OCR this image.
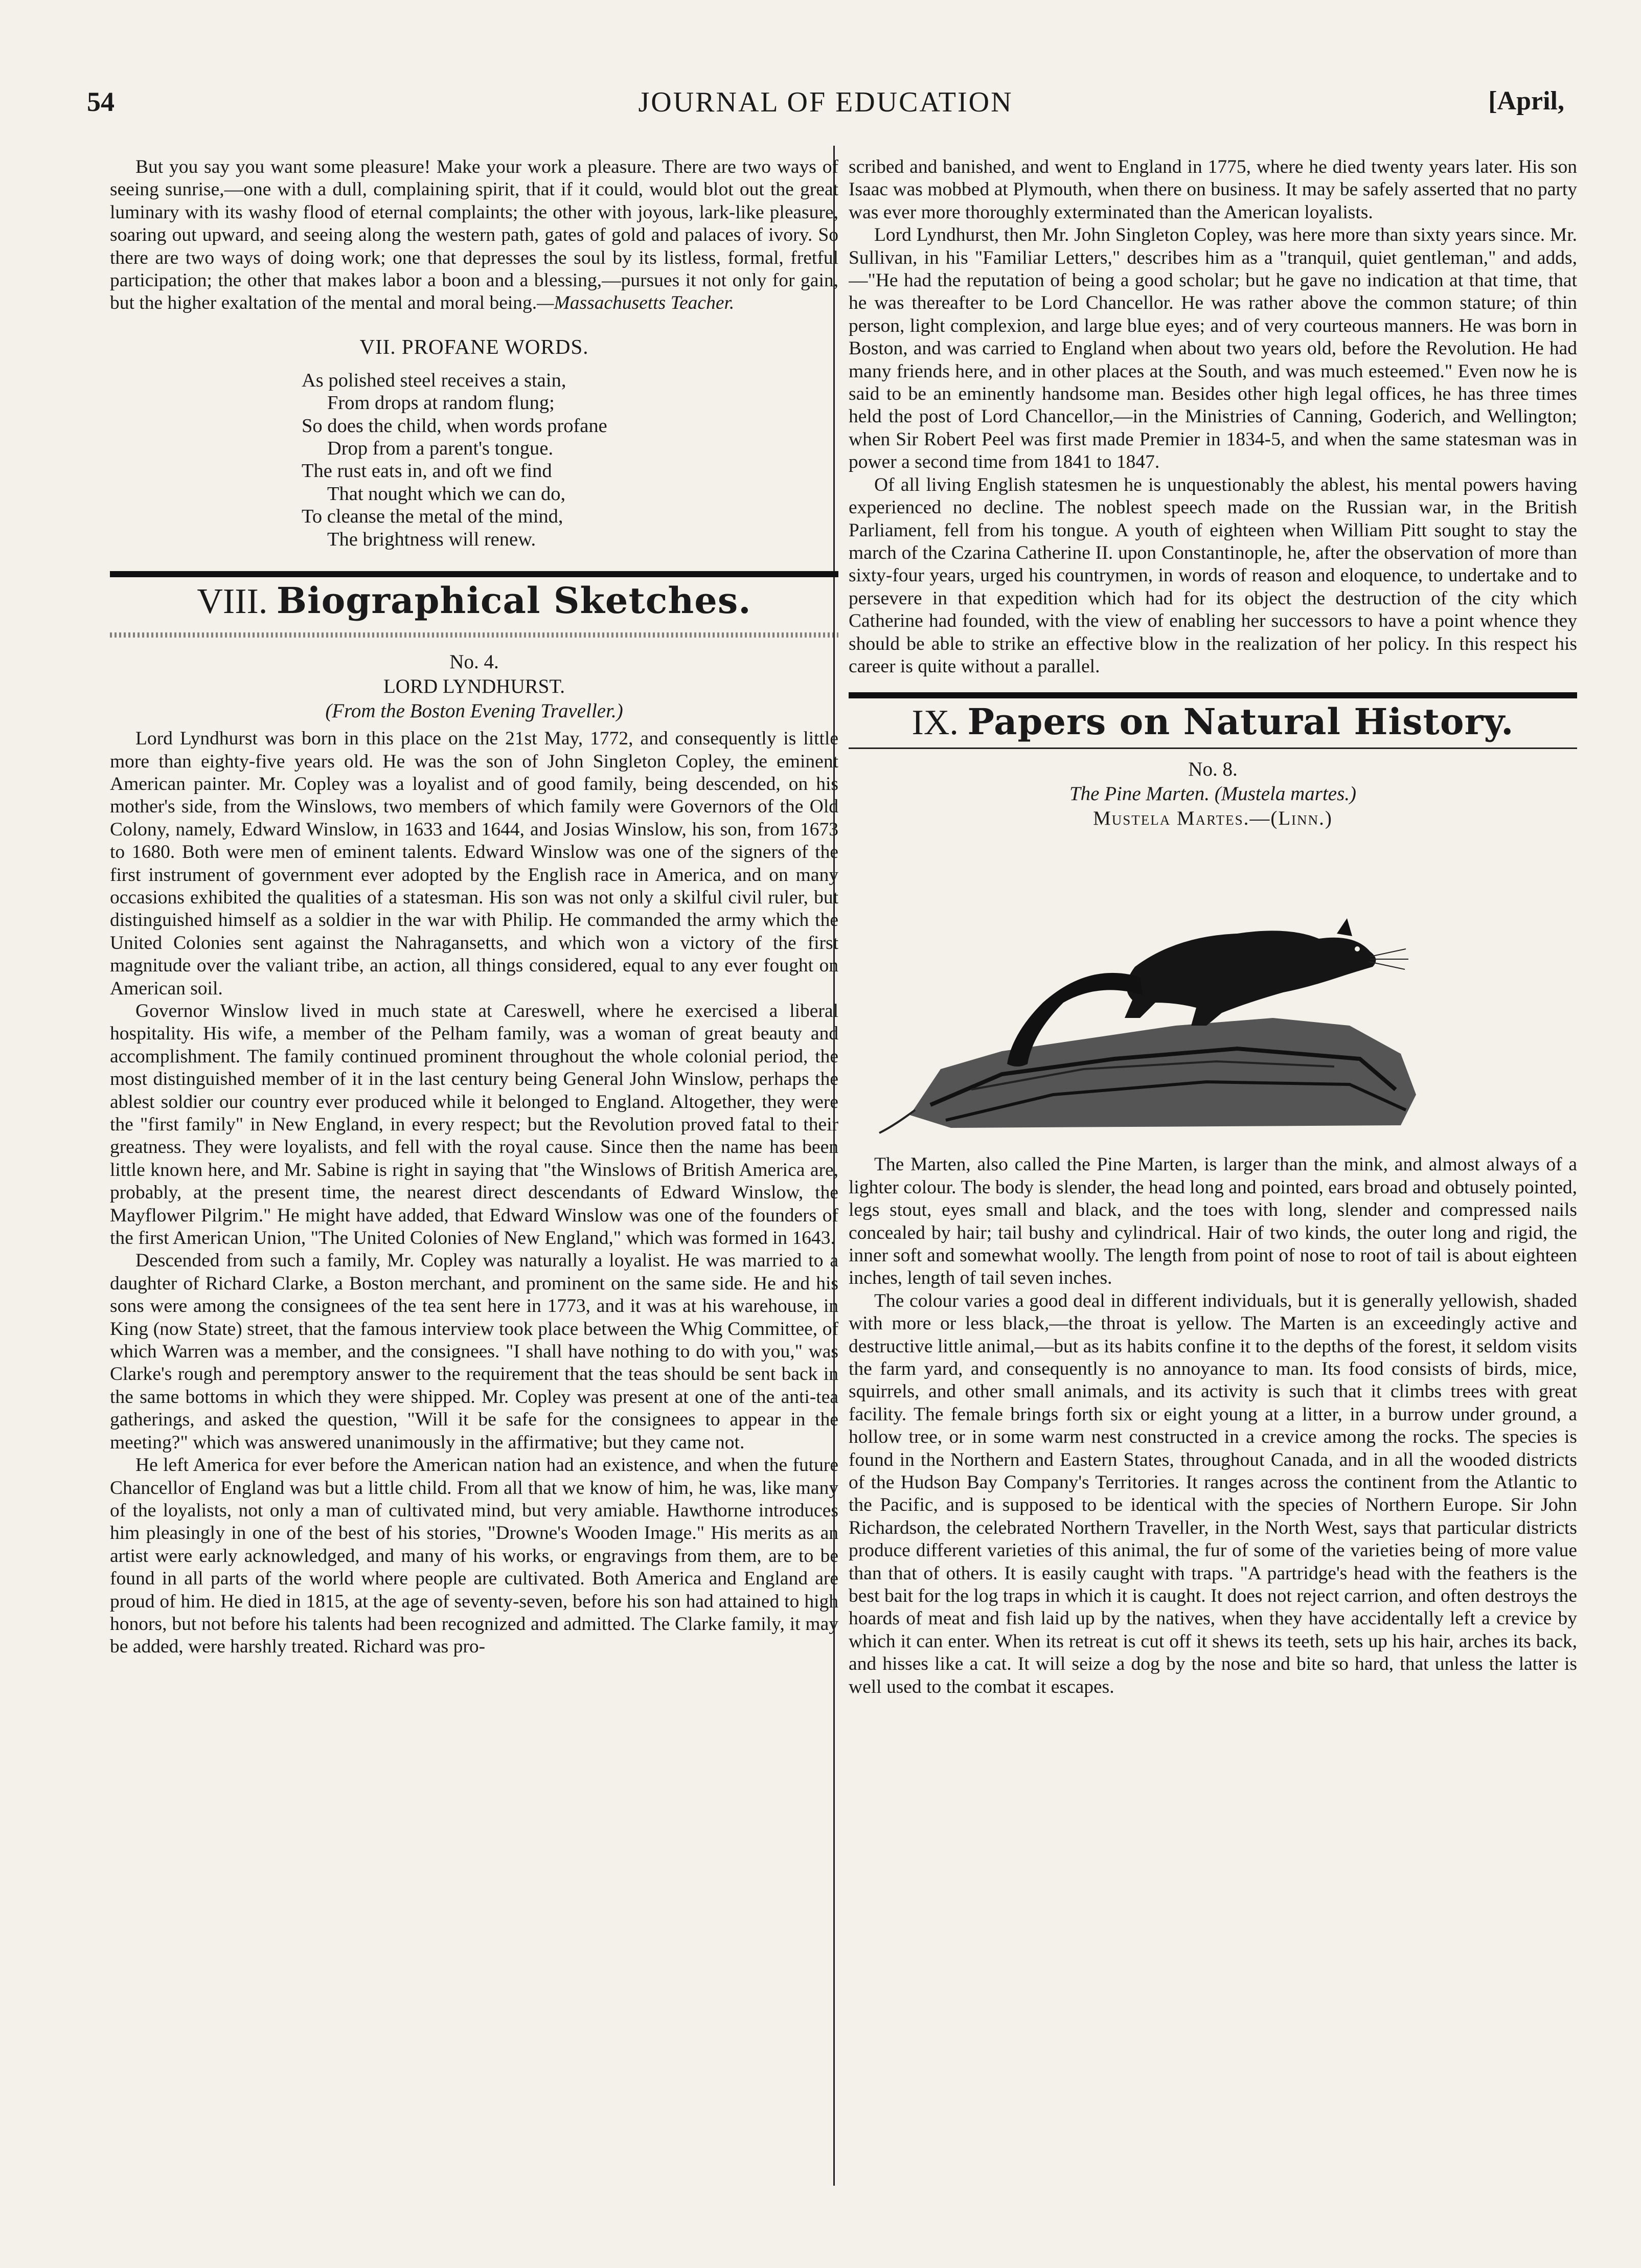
JOURNAL OF EDUCATION
54	[April,

But you say you want some pleasure! Make your work a pleasure. There are two ways of seeing sunrise,—one with a dull, complaining spirit, that if it could, would blot out the great luminary with its washy flood of eternal complaints; the other with joyous, lark-like pleasure, soaring out upward, and seeing along the western path, gates of gold and palaces of ivory. So there are two ways of doing work; one that depresses the soul by its listless, formal, fretful participation; the other that makes labor a boon and a blessing,—pursues it not only for gain, but the higher exaltation of the mental and moral being.—Massachusetts Teacher.

VII. PROFANE WORDS.
As polished steel receives a stain,
From drops at random flung;
So does the child, when words profane
Drop from a parent's tongue.
The rust eats in, and oft we find
That nought which we can do,
To cleanse the metal of the mind,
The brightness will renew.
VIII. Biographical Sketches.
No. 4.
LORD LYNDHURST.
(From the Boston Evening Traveller.)

Lord Lyndhurst was born in this place on the 21st May, 1772, and consequently is little more than eighty-five years old. He was the son of John Singleton Copley, the eminent American painter. Mr. Copley was a loyalist and of good family, being descended, on his mother's side, from the Winslows, two members of which family were Governors of the Old Colony, namely, Edward Winslow, in 1633 and 1644, and Josias Winslow, his son, from 1673 to 1680. Both were men of eminent talents. Edward Winslow was one of the signers of the first instrument of government ever adopted by the English race in America, and on many occasions exhibited the qualities of a statesman. His son was not only a skilful civil ruler, but distinguished himself as a soldier in the war with Philip. He commanded the army which the United Colonies sent against the Nahragansetts, and which won a victory of the first magnitude over the valiant tribe, an action, all things considered, equal to any ever fought on American soil.

Governor Winslow lived in much state at Careswell, where he exercised a liberal hospitality. His wife, a member of the Pelham family, was a woman of great beauty and accomplishment. The family continued prominent throughout the whole colonial period, the most distinguished member of it in the last century being General John Winslow, perhaps the ablest soldier our country ever produced while it belonged to England. Altogether, they were the "first family" in New England, in every respect; but the Revolution proved fatal to their greatness. They were loyalists, and fell with the royal cause. Since then the name has been little known here, and Mr. Sabine is right in saying that "the Winslows of British America are, probably, at the present time, the nearest direct descendants of Edward Winslow, the Mayflower Pilgrim." He might have added, that Edward Winslow was one of the founders of the first American Union, "The United Colonies of New England," which was formed in 1643.

Descended from such a family, Mr. Copley was naturally a loyalist. He was married to a daughter of Richard Clarke, a Boston merchant, and prominent on the same side. He and his sons were among the consignees of the tea sent here in 1773, and it was at his warehouse, in King (now State) street, that the famous interview took place between the Whig Committee, of which Warren was a member, and the consignees. "I shall have nothing to do with you," was Clarke's rough and peremptory answer to the requirement that the teas should be sent back in the same bottoms in which they were shipped. Mr. Copley was present at one of the anti-tea gatherings, and asked the question, "Will it be safe for the consignees to appear in the meeting?" which was answered unanimously in the affirmative; but they came not.

He left America for ever before the American nation had an existence, and when the future Chancellor of England was but a little child. From all that we know of him, he was, like many of the loyalists, not only a man of cultivated mind, but very amiable. Hawthorne introduces him pleasingly in one of the best of his stories, "Drowne's Wooden Image." His merits as an artist were early acknowledged, and many of his works, or engravings from them, are to be found in all parts of the world where people are cultivated. Both America and England are proud of him. He died in 1815, at the age of seventy-seven, before his son had attained to high honors, but not before his talents had been recognized and admitted. The Clarke family, it may be added, were harshly treated. Richard was pro-

scribed and banished, and went to England in 1775, where he died twenty years later. His son Isaac was mobbed at Plymouth, when there on business. It may be safely asserted that no party was ever more thoroughly exterminated than the American loyalists.

Lord Lyndhurst, then Mr. John Singleton Copley, was here more than sixty years since. Mr. Sullivan, in his "Familiar Letters," describes him as a "tranquil, quiet gentleman," and adds,—"He had the reputation of being a good scholar; but he gave no indication at that time, that he was thereafter to be Lord Chancellor. He was rather above the common stature; of thin person, light complexion, and large blue eyes; and of very courteous manners. He was born in Boston, and was carried to England when about two years old, before the Revolution. He had many friends here, and in other places at the South, and was much esteemed." Even now he is said to be an eminently handsome man. Besides other high legal offices, he has three times held the post of Lord Chancellor,—in the Ministries of Canning, Goderich, and Wellington; when Sir Robert Peel was first made Premier in 1834-5, and when the same statesman was in power a second time from 1841 to 1847.

Of all living English statesmen he is unquestionably the ablest, his mental powers having experienced no decline. The noblest speech made on the Russian war, in the British Parliament, fell from his tongue. A youth of eighteen when William Pitt sought to stay the march of the Czarina Catherine II. upon Constantinople, he, after the observation of more than sixty-four years, urged his countrymen, in words of reason and eloquence, to undertake and to persevere in that expedition which had for its object the destruction of the city which Catherine had founded, with the view of enabling her successors to have a point whence they should be able to strike an effective blow in the realization of her policy. In this respect his career is quite without a parallel.

IX. Papers on Natural History.
No. 8.
The Pine Marten. (Mustela martes.)
Mustela Martes.—(Linn.)

The Marten, also called the Pine Marten, is larger than the mink, and almost always of a lighter colour. The body is slender, the head long and pointed, ears broad and obtusely pointed, legs stout, eyes small and black, and the toes with long, slender and compressed nails concealed by hair; tail bushy and cylindrical. Hair of two kinds, the outer long and rigid, the inner soft and somewhat woolly. The length from point of nose to root of tail is about eighteen inches, length of tail seven inches.

The colour varies a good deal in different individuals, but it is generally yellowish, shaded with more or less black,—the throat is yellow. The Marten is an exceedingly active and destructive little animal,—but as its habits confine it to the depths of the forest, it seldom visits the farm yard, and consequently is no annoyance to man. Its food consists of birds, mice, squirrels, and other small animals, and its activity is such that it climbs trees with great facility. The female brings forth six or eight young at a litter, in a burrow under ground, a hollow tree, or in some warm nest constructed in a crevice among the rocks. The species is found in the Northern and Eastern States, throughout Canada, and in all the wooded districts of the Hudson Bay Company's Territories. It ranges across the continent from the Atlantic to the Pacific, and is supposed to be identical with the species of Northern Europe. Sir John Richardson, the celebrated Northern Traveller, in the North West, says that particular districts produce different varieties of this animal, the fur of some of the varieties being of more value than that of others. It is easily caught with traps. "A partridge's head with the feathers is the best bait for the log traps in which it is caught. It does not reject carrion, and often destroys the hoards of meat and fish laid up by the natives, when they have accidentally left a crevice by which it can enter. When its retreat is cut off it shews its teeth, sets up his hair, arches its back, and hisses like a cat. It will seize a dog by the nose and bite so hard, that unless the latter is well used to the combat it escapes.
